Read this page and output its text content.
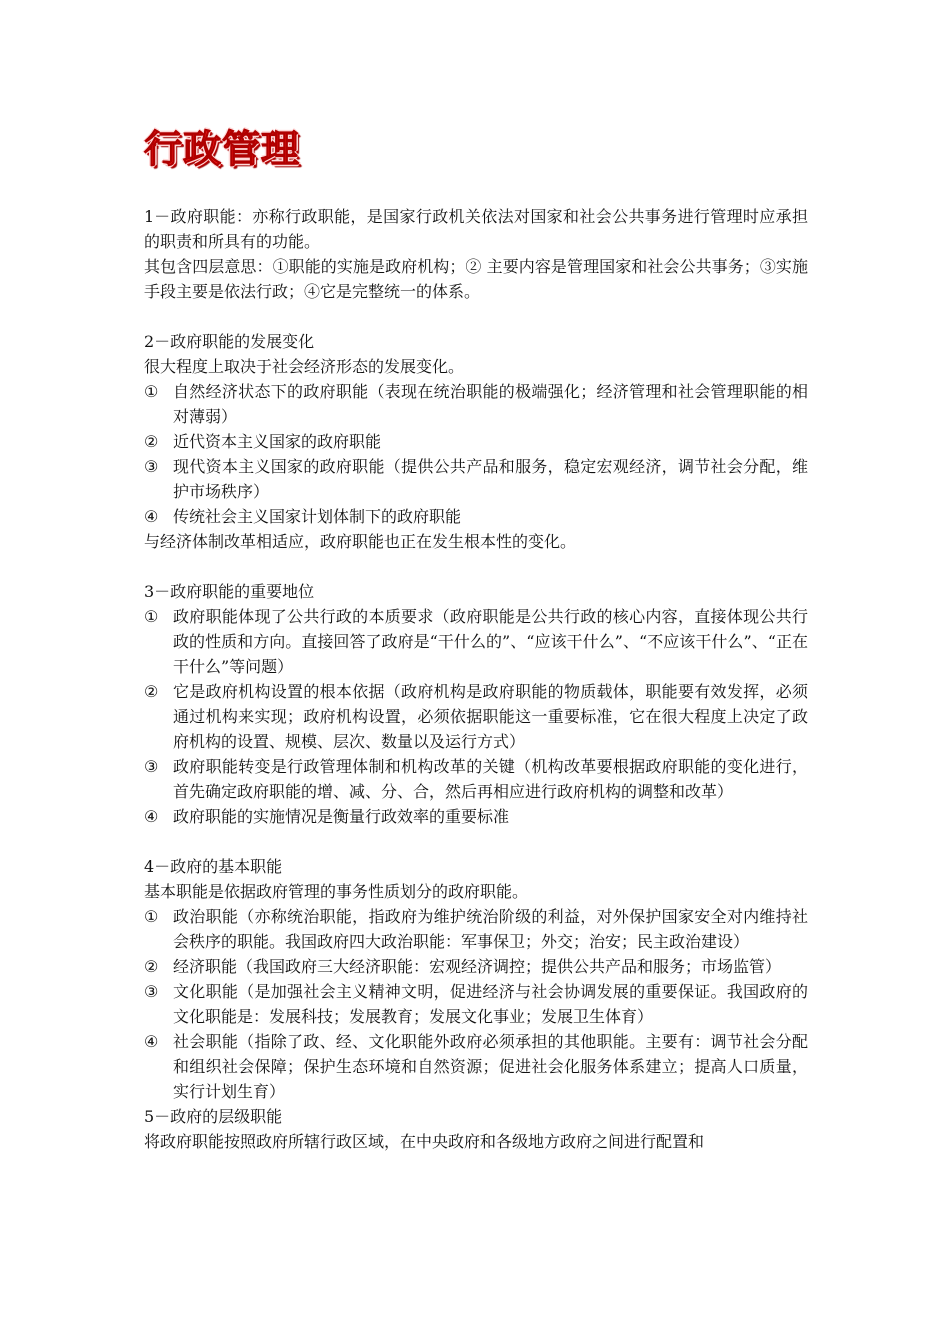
行政管理

1－政府职能：亦称行政职能，是国家行政机关依法对国家和社会公共事务进行管理时应承担的职责和所具有的功能。

其包含四层意思：①职能的实施是政府机构；② 主要内容是管理国家和社会公共事务；③实施手段主要是依法行政；④它是完整统一的体系。

2－政府职能的发展变化

很大程度上取决于社会经济形态的发展变化。

① 自然经济状态下的政府职能（表现在统治职能的极端强化；经济管理和社会管理职能的相对薄弱）

② 近代资本主义国家的政府职能

③ 现代资本主义国家的政府职能（提供公共产品和服务，稳定宏观经济，调节社会分配，维护市场秩序）

④ 传统社会主义国家计划体制下的政府职能

与经济体制改革相适应，政府职能也正在发生根本性的变化。

3－政府职能的重要地位

① 政府职能体现了公共行政的本质要求（政府职能是公共行政的核心内容，直接体现公共行政的性质和方向。直接回答了政府是“干什么的”、“应该干什么”、“不应该干什么”、“正在干什么”等问题）

② 它是政府机构设置的根本依据（政府机构是政府职能的物质载体，职能要有效发挥，必须通过机构来实现；政府机构设置，必须依据职能这一重要标准，它在很大程度上决定了政府机构的设置、规模、层次、数量以及运行方式）

③ 政府职能转变是行政管理体制和机构改革的关键（机构改革要根据政府职能的变化进行，首先确定政府职能的增、减、分、合，然后再相应进行政府机构的调整和改革）

④ 政府职能的实施情况是衡量行政效率的重要标准

4－政府的基本职能

基本职能是依据政府管理的事务性质划分的政府职能。

① 政治职能（亦称统治职能，指政府为维护统治阶级的利益，对外保护国家安全对内维持社会秩序的职能。我国政府四大政治职能：军事保卫；外交；治安；民主政治建设）

② 经济职能（我国政府三大经济职能：宏观经济调控；提供公共产品和服务；市场监管）

③ 文化职能（是加强社会主义精神文明，促进经济与社会协调发展的重要保证。我国政府的文化职能是：发展科技；发展教育；发展文化事业；发展卫生体育）

④ 社会职能（指除了政、经、文化职能外政府必须承担的其他职能。主要有：调节社会分配和组织社会保障；保护生态环境和自然资源；促进社会化服务体系建立；提高人口质量，实行计划生育）

5－政府的层级职能

将政府职能按照政府所辖行政区域，在中央政府和各级地方政府之间进行配置和
